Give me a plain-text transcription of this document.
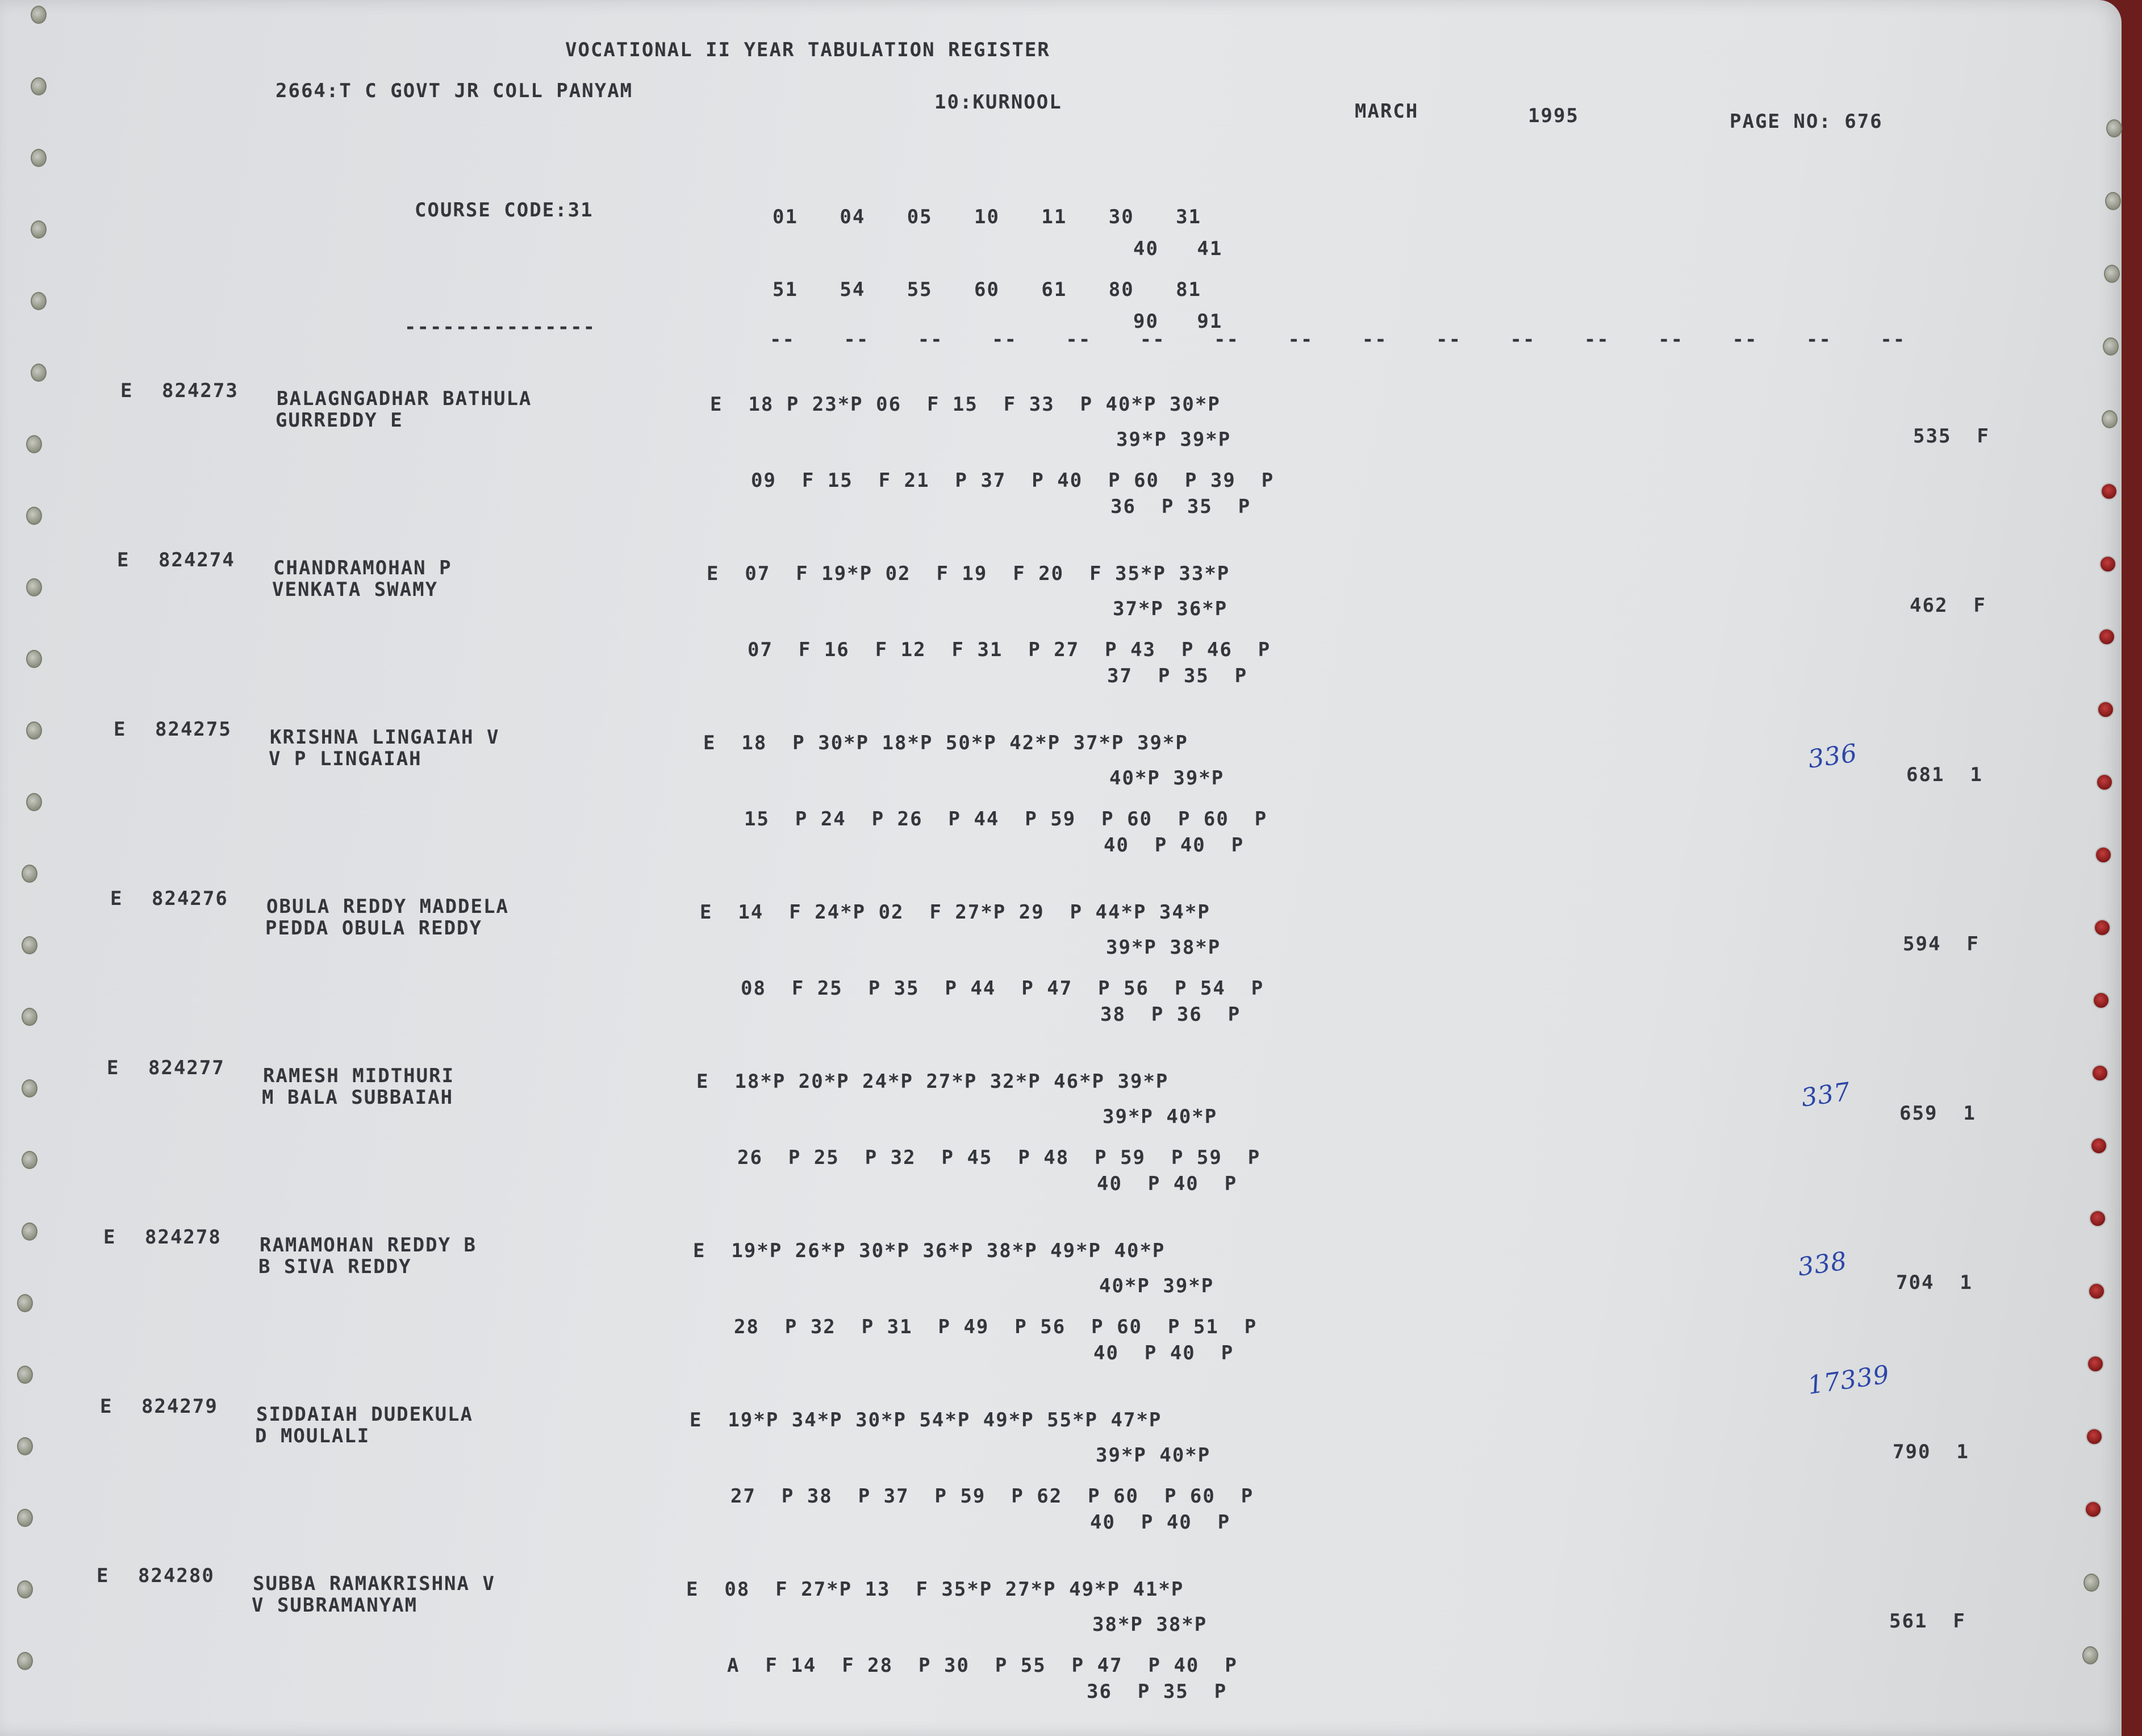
VOCATIONAL II YEAR TABULATION REGISTER
2664:T C GOVT JR COLL PANYAM	10:KURNOOL	MARCH	1995	PAGE NO: 676
COURSE CODE:31	01   04   05   10   11   30   31
40   41
51   54   55   60   61   80   81
90   91
---------------
--   --   --   --   --   --   --   --   --   --   --   --   --   --   --   --
E 824273 BALAGNGADHAR BATHULA
GURREDDY E
E  18 P 23*P 06  F 15  F 33  P 40*P 30*P
39*P 39*P
09  F 15  F 21  P 37  P 40  P 60  P 39  P
36  P 35  P
535  F
E 824274 CHANDRAMOHAN P
VENKATA SWAMY
E  07  F 19*P 02  F 19  F 20  F 35*P 33*P
37*P 36*P
07  F 16  F 12  F 31  P 27  P 43  P 46  P
37  P 35  P
462  F
E 824275 KRISHNA LINGAIAH V
V P LINGAIAH
E  18  P 30*P 18*P 50*P 42*P 37*P 39*P
40*P 39*P
15  P 24  P 26  P 44  P 59  P 60  P 60  P
40  P 40  P
681  1
336
E 824276 OBULA REDDY MADDELA
PEDDA OBULA REDDY
E  14  F 24*P 02  F 27*P 29  P 44*P 34*P
39*P 38*P
08  F 25  P 35  P 44  P 47  P 56  P 54  P
38  P 36  P
594  F
E 824277 RAMESH MIDTHURI
M BALA SUBBAIAH
E  18*P 20*P 24*P 27*P 32*P 46*P 39*P
39*P 40*P
26  P 25  P 32  P 45  P 48  P 59  P 59  P
40  P 40  P
659  1
337
E 824278 RAMAMOHAN REDDY B
B SIVA REDDY
E  19*P 26*P 30*P 36*P 38*P 49*P 40*P
40*P 39*P
28  P 32  P 31  P 49  P 56  P 60  P 51  P
40  P 40  P
704  1
338
E 824279 SIDDAIAH DUDEKULA
D MOULALI
E  19*P 34*P 30*P 54*P 49*P 55*P 47*P
39*P 40*P
27  P 38  P 37  P 59  P 62  P 60  P 60  P
40  P 40  P
790  1
17339
E 824280 SUBBA RAMAKRISHNA V
V SUBRAMANYAM
E  08  F 27*P 13  F 35*P 27*P 49*P 41*P
38*P 38*P
A  F 14  F 28  P 30  P 55  P 47  P 40  P
36  P 35  P
561  F
